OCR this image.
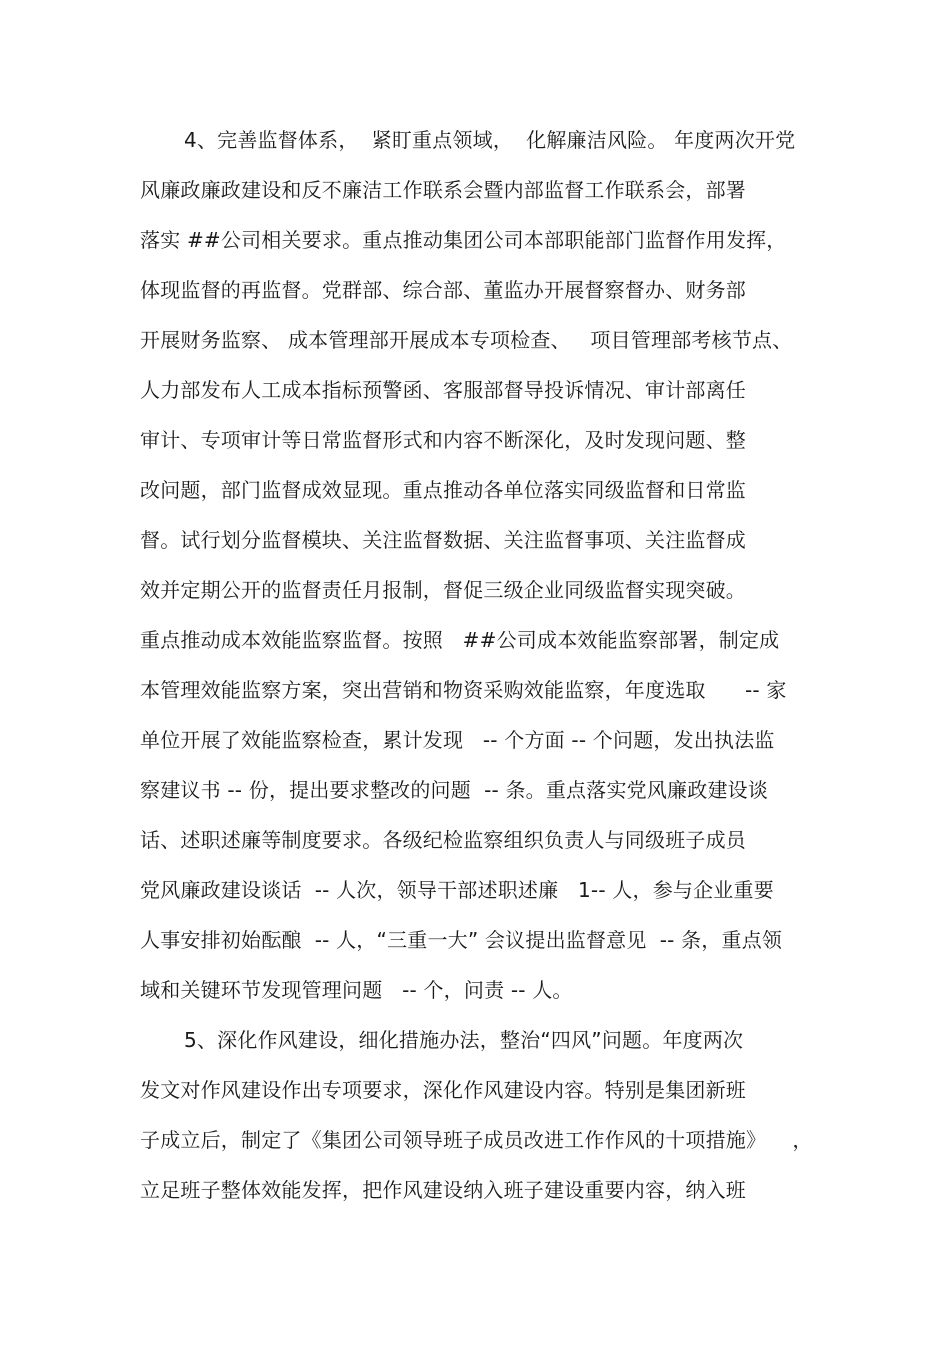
4、完善监督体系，  紧盯重点领域，  化解廉洁风险。 年度两次开党
风廉政廉政建设和反不廉洁工作联系会暨内部监督工作联系会，部署
落实 ##公司相关要求。重点推动集团公司本部职能部门监督作用发挥，
体现监督的再监督。党群部、综合部、董监办开展督察督办、财务部
开展财务监察、 成本管理部开展成本专项检查、   项目管理部考核节点、
人力部发布人工成本指标预警函、客服部督导投诉情况、审计部离任
审计、专项审计等日常监督形式和内容不断深化，及时发现问题、整
改问题，部门监督成效显现。重点推动各单位落实同级监督和日常监
督。试行划分监督模块、关注监督数据、关注监督事项、关注监督成
效并定期公开的监督责任月报制，督促三级企业同级监督实现突破。
重点推动成本效能监察监督。按照   ##公司成本效能监察部署，制定成
本管理效能监察方案，突出营销和物资采购效能监察，年度选取      -- 家
单位开展了效能监察检查，累计发现   -- 个方面 -- 个问题，发出执法监
察建议书 -- 份，提出要求整改的问题  -- 条。重点落实党风廉政建设谈
话、述职述廉等制度要求。各级纪检监察组织负责人与同级班子成员
党风廉政建设谈话  -- 人次，领导干部述职述廉   1-- 人，参与企业重要
人事安排初始酝酿  -- 人，“三重一大” 会议提出监督意见  -- 条，重点领
域和关键环节发现管理问题   -- 个，问责 -- 人。
5、深化作风建设，细化措施办法，整治“四风”问题。年度两次
发文对作风建设作出专项要求，深化作风建设内容。特别是集团新班
子成立后，制定了《集团公司领导班子成员改进工作作风的十项措施》    ，
立足班子整体效能发挥，把作风建设纳入班子建设重要内容，纳入班
